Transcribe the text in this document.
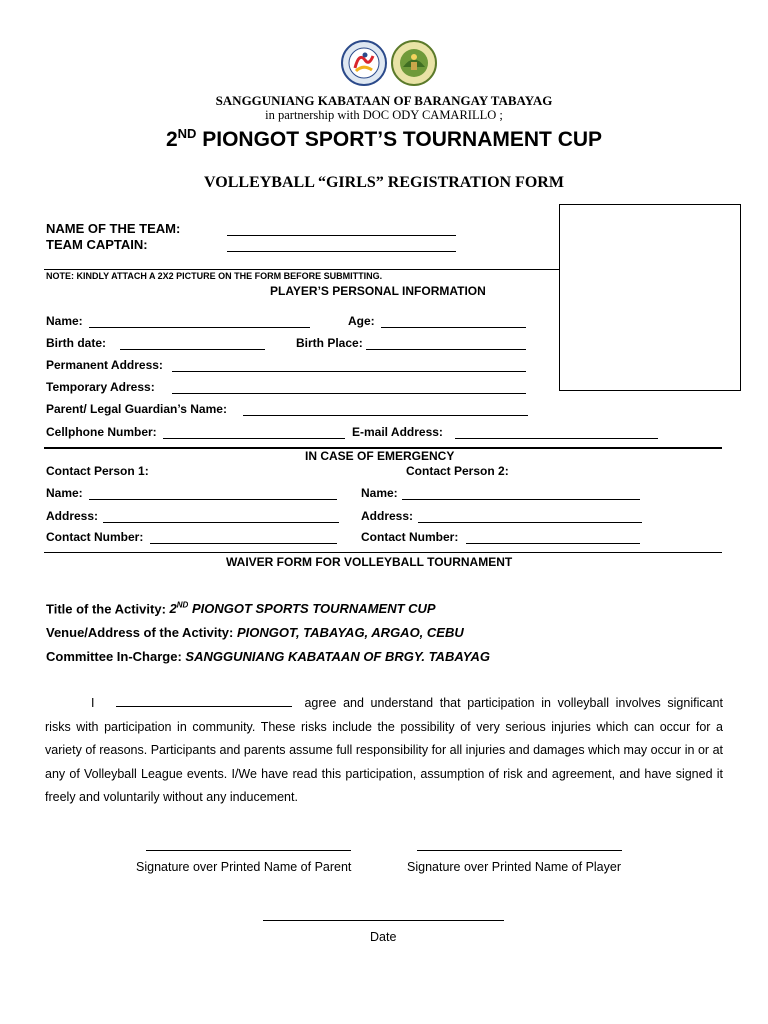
SANGGUNIANG KABATAAN OF BARANGAY TABAYAG
in partnership with DOC ODY CAMARILLO ;
2ND PIONGOT SPORT’S TOURNAMENT CUP
VOLLEYBALL “GIRLS” REGISTRATION FORM
NAME OF THE TEAM:
TEAM CAPTAIN:
NOTE: KINDLY ATTACH A 2X2 PICTURE ON THE FORM BEFORE SUBMITTING.
PLAYER’S PERSONAL INFORMATION
Name:	Age:
Birth date:	Birth Place:
Permanent Address:
Temporary Adress:
Parent/ Legal Guardian’s Name:
Cellphone Number:	E-mail Address:
IN CASE OF EMERGENCY
Contact Person 1:	Contact Person 2:
Name:	Name:
Address:	Address:
Contact Number:	Contact Number:
WAIVER FORM FOR VOLLEYBALL TOURNAMENT
Title of the Activity: 2ND PIONGOT SPORTS TOURNAMENT CUP
Venue/Address of the Activity: PIONGOT, TABAYAG, ARGAO, CEBU
Committee In-Charge: SANGGUNIANG KABATAAN OF BRGY. TABAYAG
I	agree and understand that participation in volleyball involves significant risks with participation in community. These risks include the possibility of very serious injuries which can occur for a variety of reasons. Participants and parents assume full responsibility for all injuries and damages which may occur in or at any of Volleyball League events. I/We have read this participation, assumption of risk and agreement, and have signed it freely and voluntarily without any inducement.
Signature over Printed Name of Parent	Signature over Printed Name of Player
Date
